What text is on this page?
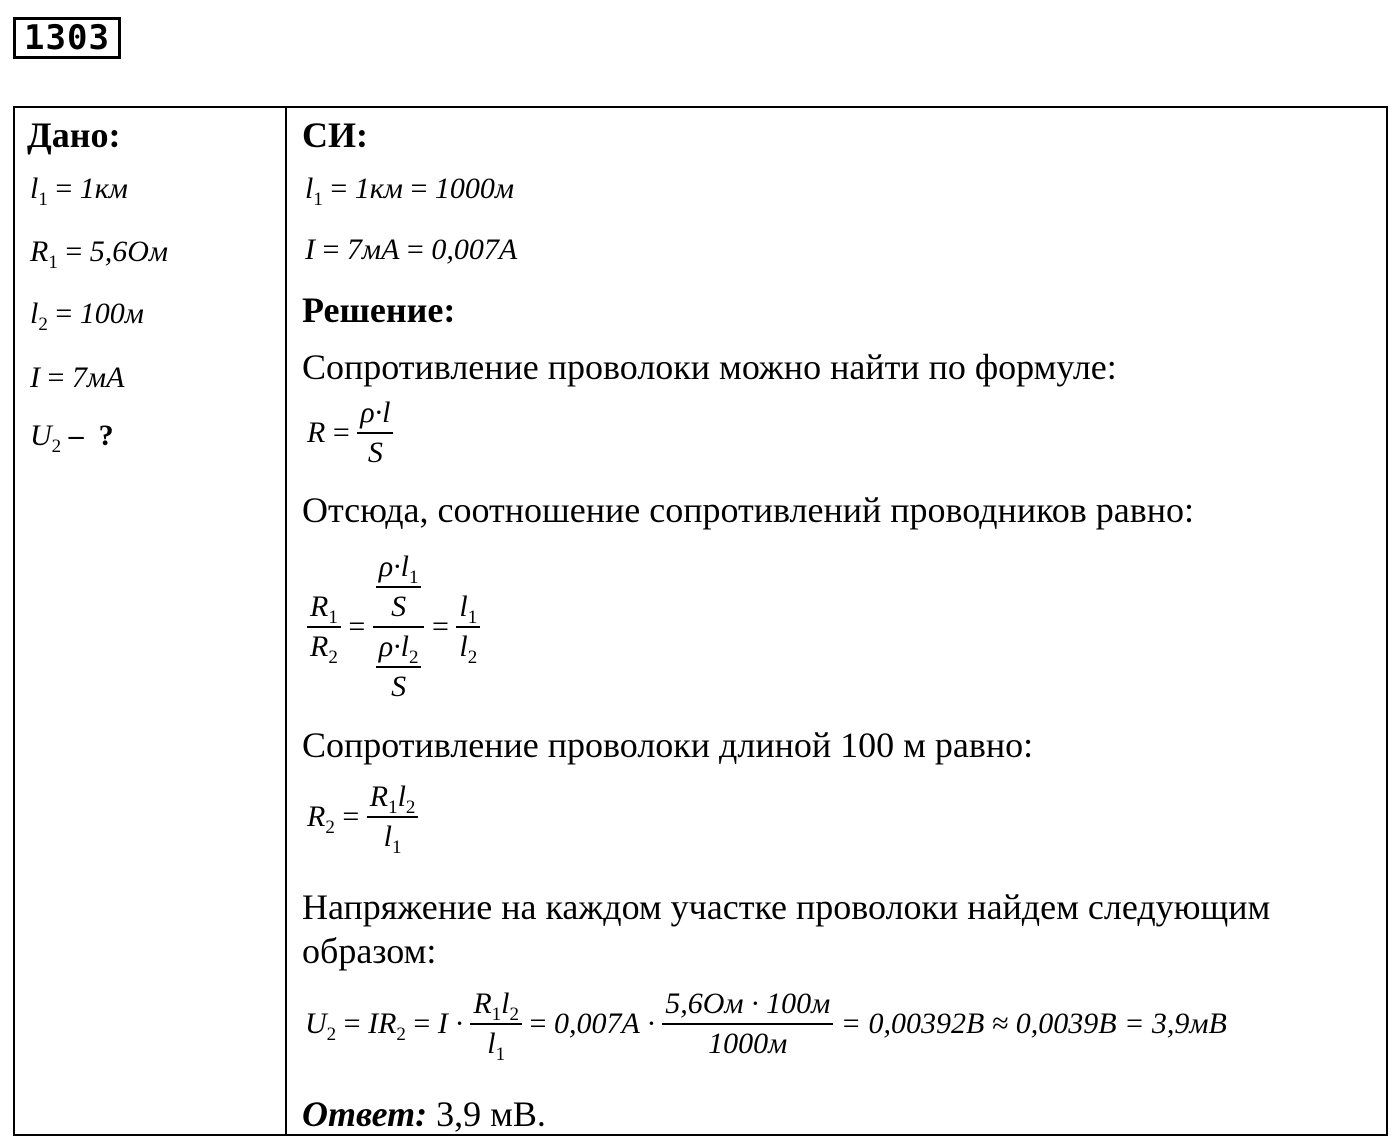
1303
Дано:
$l_1 = 1км$
$R_1 = 5,6Ом$
$l_2 = 100м$
I = 7мА
$U_2$ –  ?
СИ:
$l_1 = 1км = 1000м$
I = 7мА = 0,007А
Решение:
Сопротивление проволоки можно найти по формуле:
$R = \frac{\rho\cdot l}{S}$
Отсюда, соотношение сопротивлений проводников равно:
$\frac{R_1}{R_2} = \frac{\frac{\rho\cdot l_1}{S}}{\frac{\rho\cdot l_2}{S}} = \frac{l_1}{l_2}$
Сопротивление проволоки длиной 100 м равно:
$R_2 = \frac{R_1l_2}{l_1}$
Напряжение на каждом участке проволоки найдем следующим
образом:
$U_2 = IR_2 = I \cdot \frac{R_1l_2}{l_1} = 0,007А$ ·
5,6Ом · 100м
1000м

= 0,00392В ≈ 0,0039В = 3,9мВ
Ответ: 3,9 мВ.
